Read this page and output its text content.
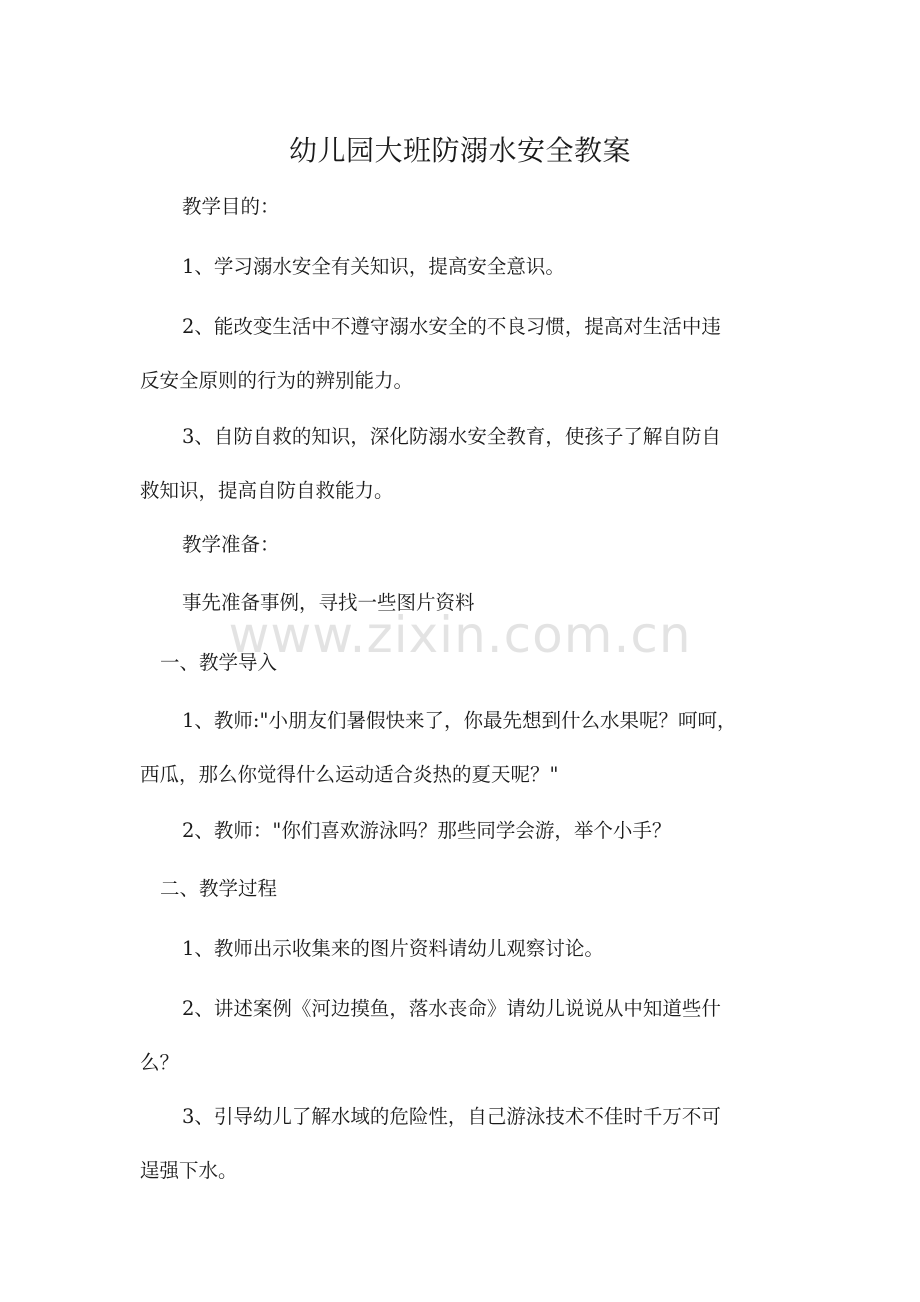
幼儿园大班防溺水安全教案

教学目的：

1、学习溺水安全有关知识，提高安全意识。

2、能改变生活中不遵守溺水安全的不良习惯，提高对生活中违
反安全原则的行为的辨别能力。

3、自防自救的知识，深化防溺水安全教育，使孩子了解自防自
救知识，提高自防自救能力。

教学准备：

事先准备事例，寻找一些图片资料

www.zixin.com.cn

一、教学导入

1、教师:"小朋友们暑假快来了，你最先想到什么水果呢？呵呵，
西瓜，那么你觉得什么运动适合炎热的夏天呢？"

2、教师："你们喜欢游泳吗？那些同学会游，举个小手？

二、教学过程

1、教师出示收集来的图片资料请幼儿观察讨论。

2、讲述案例《河边摸鱼，落水丧命》请幼儿说说从中知道些什
么？

3、引导幼儿了解水域的危险性，自己游泳技术不佳时千万不可
逞强下水。
